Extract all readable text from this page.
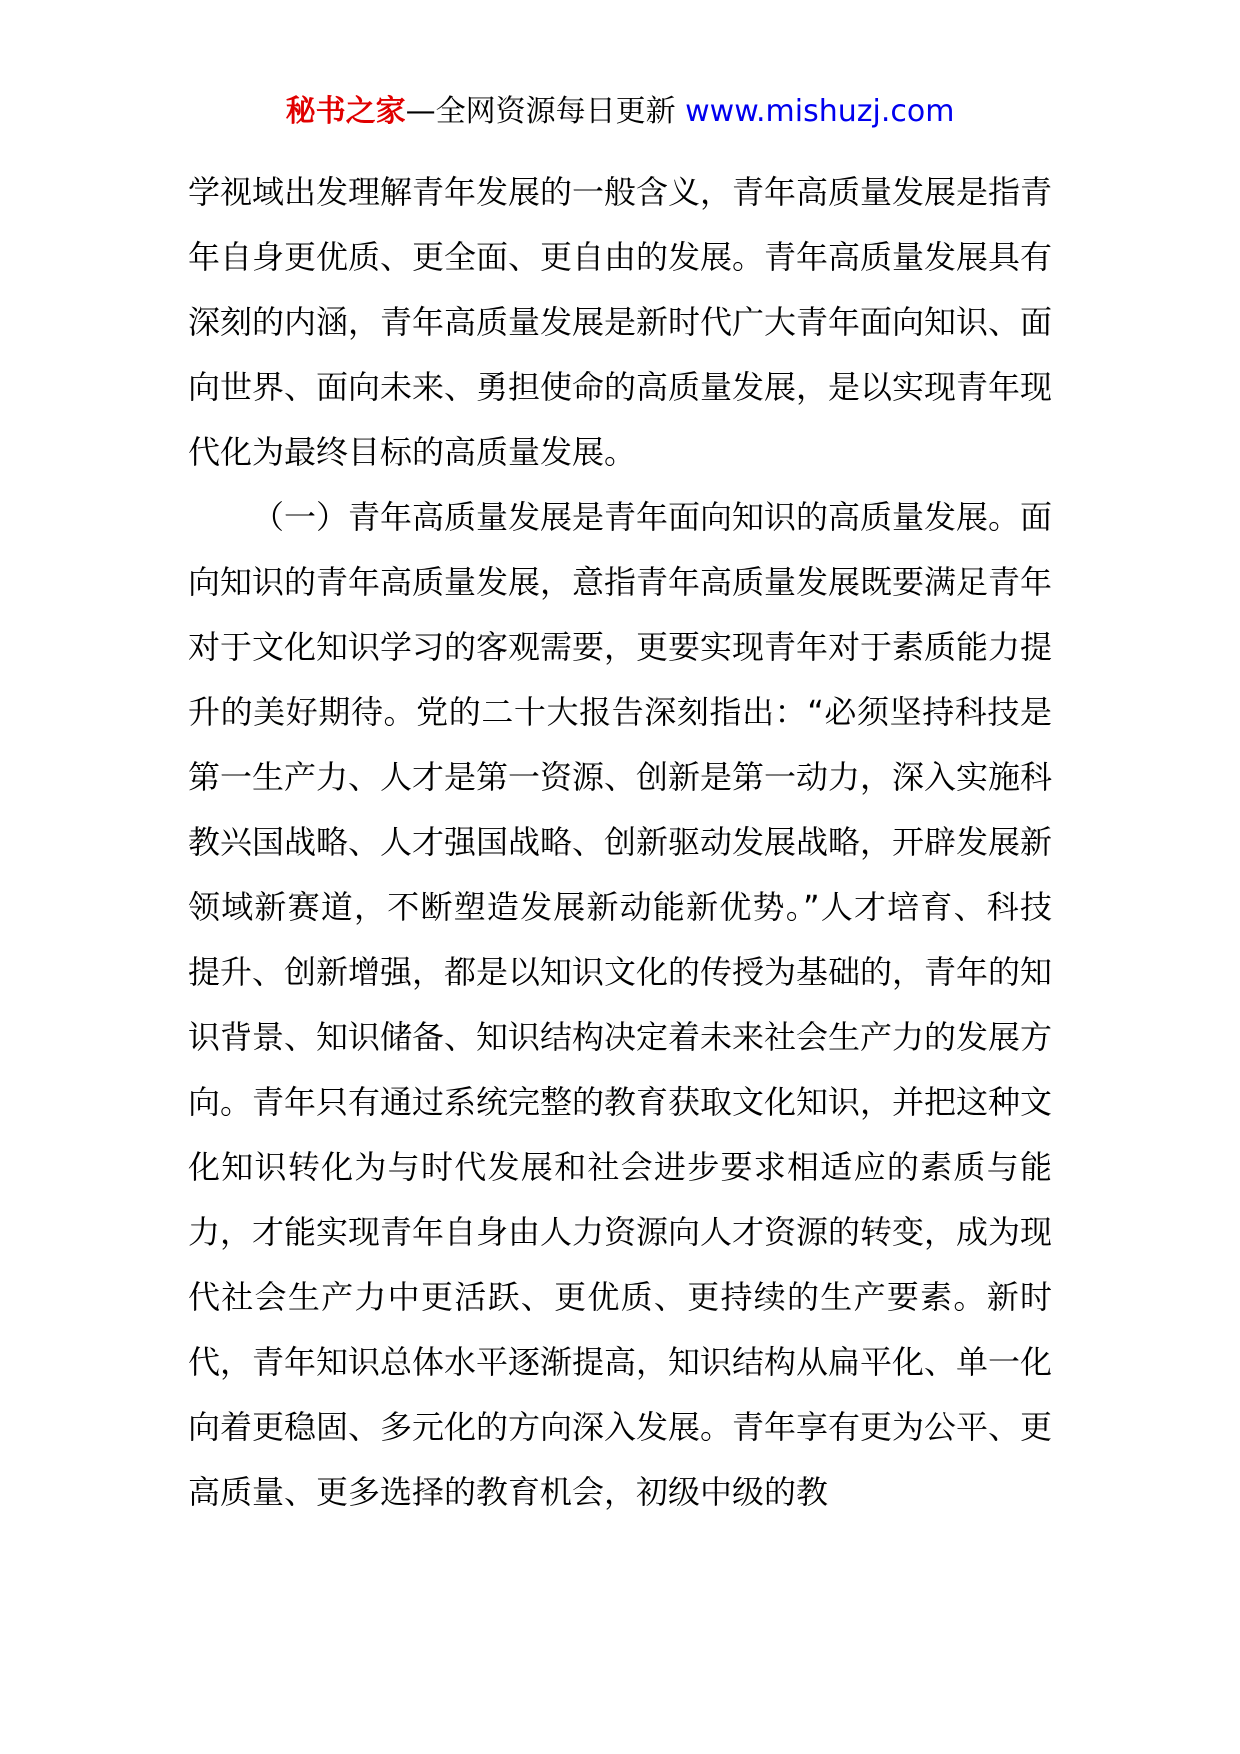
秘书之家—全网资源每日更新 www.mishuzj.com

学视域出发理解青年发展的一般含义，青年高质量发展是指青年自身更优质、更全面、更自由的发展。青年高质量发展具有深刻的内涵，青年高质量发展是新时代广大青年面向知识、面向世界、面向未来、勇担使命的高质量发展，是以实现青年现代化为最终目标的高质量发展。

（一）青年高质量发展是青年面向知识的高质量发展。面向知识的青年高质量发展，意指青年高质量发展既要满足青年对于文化知识学习的客观需要，更要实现青年对于素质能力提升的美好期待。党的二十大报告深刻指出：“必须坚持科技是第一生产力、人才是第一资源、创新是第一动力，深入实施科教兴国战略、人才强国战略、创新驱动发展战略，开辟发展新领域新赛道，不断塑造发展新动能新优势。”人才培育、科技提升、创新增强，都是以知识文化的传授为基础的，青年的知识背景、知识储备、知识结构决定着未来社会生产力的发展方向。青年只有通过系统完整的教育获取文化知识，并把这种文化知识转化为与时代发展和社会进步要求相适应的素质与能力，才能实现青年自身由人力资源向人才资源的转变，成为现代社会生产力中更活跃、更优质、更持续的生产要素。新时代，青年知识总体水平逐渐提高，知识结构从扁平化、单一化向着更稳固、多元化的方向深入发展。青年享有更为公平、更高质量、更多选择的教育机会，初级中级的教
